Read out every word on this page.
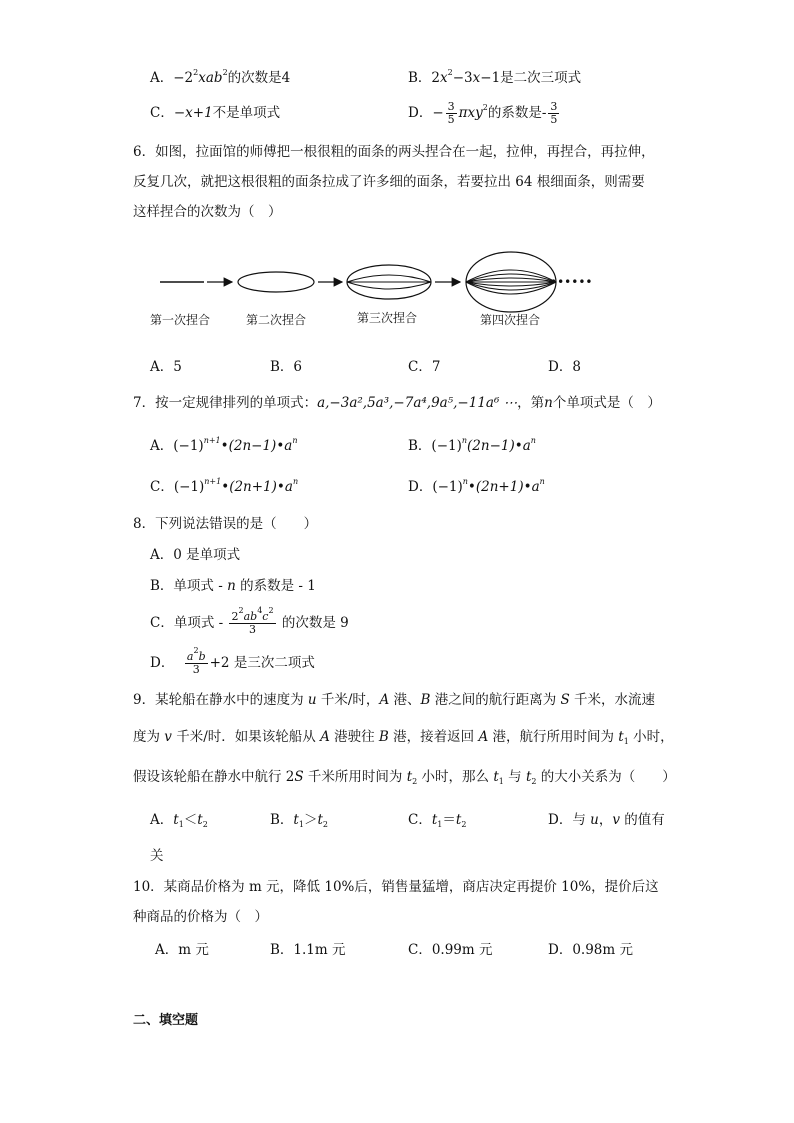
A．$-2^2xab^2$的次数是4	B．$2x^2-3x-1$是二次三项式
C．−x+1不是单项式	D．− $\frac{3}{5} \pi xy^2$的系数是- $\frac{3}{5}$
6．如图，拉面馆的师傅把一根很粗的面条的两头捏合在一起，拉伸，再捏合，再拉伸，
反复几次，就把这根很粗的面条拉成了许多细的面条，若要拉出 64 根细面条，则需要
这样捏合的次数为（　）
••••••
第一次捏合	第二次捏合	第三次捏合	第四次捏合
A．5	B．6	C．7	D．8
7．按一定规律排列的单项式：a,−3a²,5a³,−7a⁴,9a⁵,−11a⁶ ⋯，第n个单项式是（　）
A．$(-1)^{n+1}•(2n-1)•a^n$	B．$(-1)^n(2n-1)•a^n$
C．$(-1)^{n+1}•(2n+1)•a^n$	D．$(-1)^n•(2n+1)•a^n$
8．下列说法错误的是（　　）
A．0 是单项式
B．单项式 - n 的系数是 - 1
C．单项式 - $\frac{2^2ab^4c^2}{3}$ 的次数是 9
D． $\frac{a^2b}{3} +2$ 是三次二项式
9．某轮船在静水中的速度为 u 千米/时，A 港、B 港之间的航行距离为 S 千米，水流速
度为 v 千米/时．如果该轮船从 A 港驶往 B 港，接着返回 A 港，航行所用时间为 $t_1$ 小时，
假设该轮船在静水中航行 2S 千米所用时间为 $t_2$ 小时，那么 $t_1$ 与 $t_2$ 的大小关系为（　　）
A．$t_1<t_2$	B．$t_1>t_2$	C．$t_1=t_2$	D．与 u，v 的值有
关
10．某商品价格为 m 元，降低 10%后，销售量猛增，商店决定再提价 10%，提价后这
种商品的价格为（　）
A．m 元	B．1.1m 元	C．0.99m 元	D．0.98m 元
二、填空题
